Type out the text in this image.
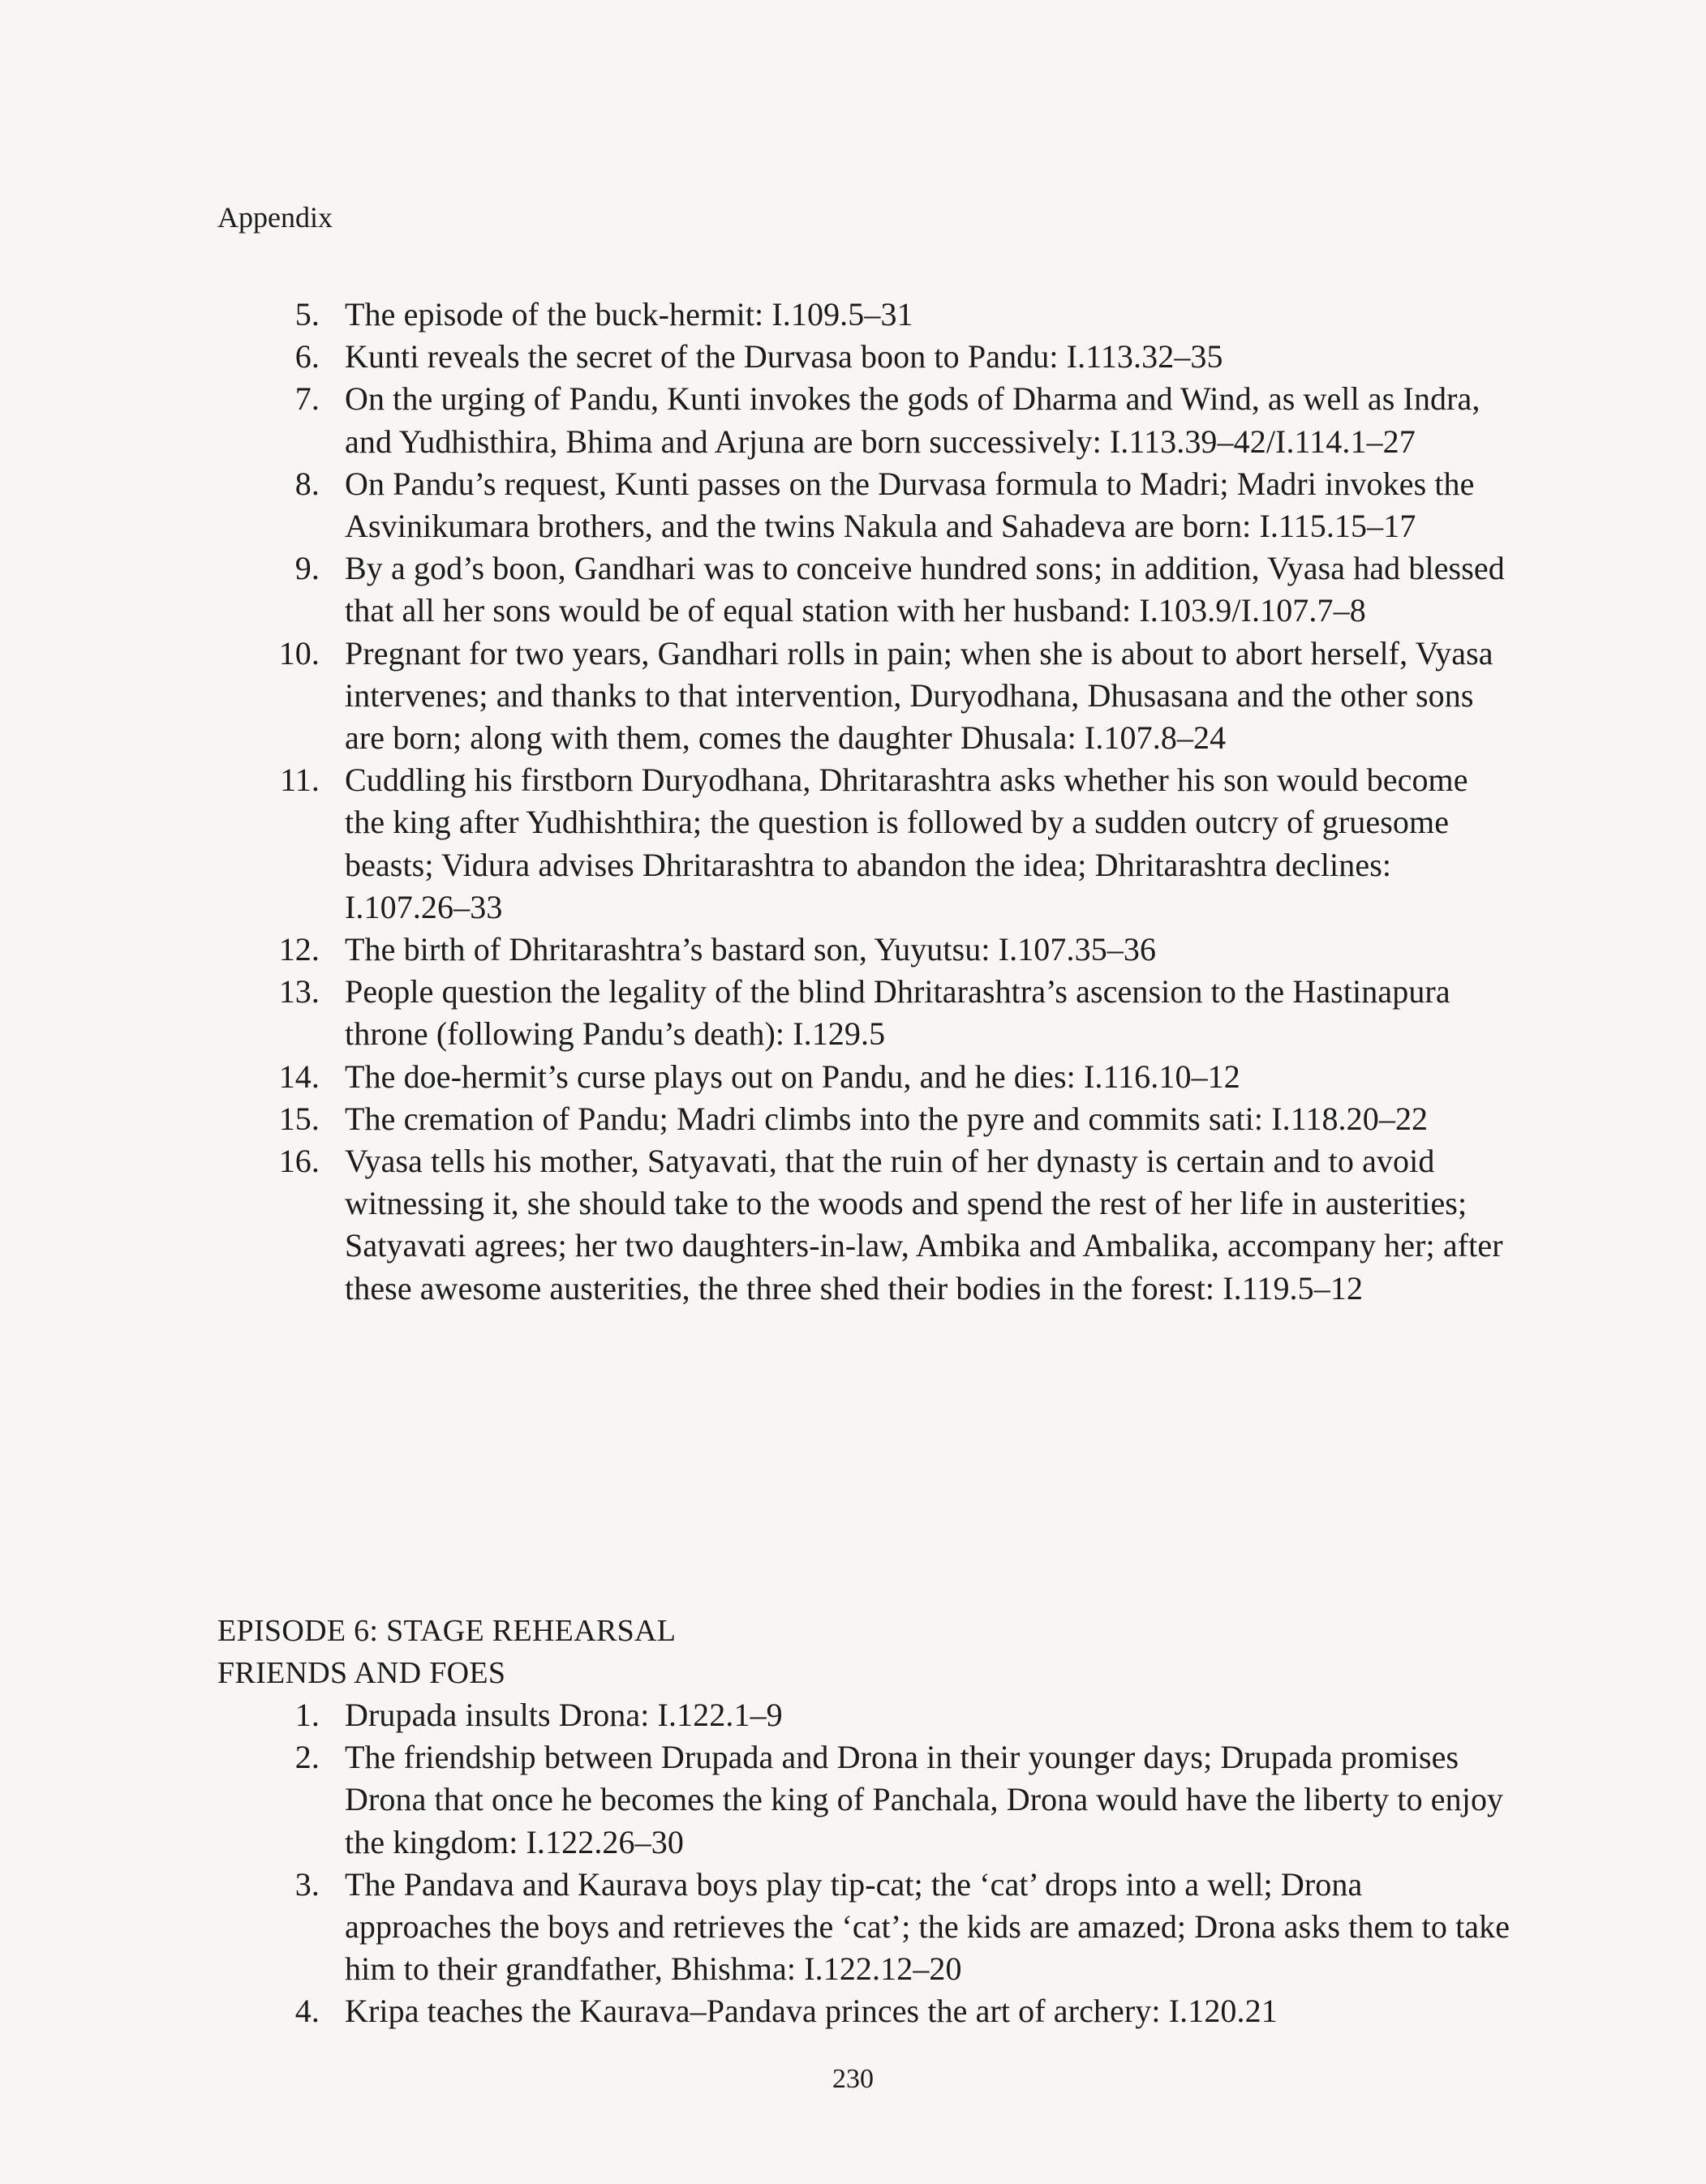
Appendix
5. The episode of the buck-hermit: I.109.5–31
6. Kunti reveals the secret of the Durvasa boon to Pandu: I.113.32–35
7. On the urging of Pandu, Kunti invokes the gods of Dharma and Wind, as well as Indra, and Yudhisthira, Bhima and Arjuna are born successively: I.113.39–42/I.114.1–27
8. On Pandu’s request, Kunti passes on the Durvasa formula to Madri; Madri invokes the Asvinikumara brothers, and the twins Nakula and Sahadeva are born: I.115.15–17
9. By a god’s boon, Gandhari was to conceive hundred sons; in addition, Vyasa had blessed that all her sons would be of equal station with her husband: I.103.9/I.107.7–8
10. Pregnant for two years, Gandhari rolls in pain; when she is about to abort herself, Vyasa intervenes; and thanks to that intervention, Duryodhana, Dhusasana and the other sons are born; along with them, comes the daughter Dhusala: I.107.8–24
11. Cuddling his firstborn Duryodhana, Dhritarashtra asks whether his son would become the king after Yudhishthira; the question is followed by a sudden outcry of gruesome beasts; Vidura advises Dhritarashtra to abandon the idea; Dhritarashtra declines: I.107.26–33
12. The birth of Dhritarashtra’s bastard son, Yuyutsu: I.107.35–36
13. People question the legality of the blind Dhritarashtra’s ascension to the Hastinapura throne (following Pandu’s death): I.129.5
14. The doe-hermit’s curse plays out on Pandu, and he dies: I.116.10–12
15. The cremation of Pandu; Madri climbs into the pyre and commits sati: I.118.20–22
16. Vyasa tells his mother, Satyavati, that the ruin of her dynasty is certain and to avoid witnessing it, she should take to the woods and spend the rest of her life in austerities; Satyavati agrees; her two daughters-in-law, Ambika and Ambalika, accompany her; after these awesome austerities, the three shed their bodies in the forest: I.119.5–12
EPISODE 6: STAGE REHEARSAL
FRIENDS AND FOES
1. Drupada insults Drona: I.122.1–9
2. The friendship between Drupada and Drona in their younger days; Drupada promises Drona that once he becomes the king of Panchala, Drona would have the liberty to enjoy the kingdom: I.122.26–30
3. The Pandava and Kaurava boys play tip-cat; the ‘cat’ drops into a well; Drona approaches the boys and retrieves the ‘cat’; the kids are amazed; Drona asks them to take him to their grandfather, Bhishma: I.122.12–20
4. Kripa teaches the Kaurava–Pandava princes the art of archery: I.120.21
230
